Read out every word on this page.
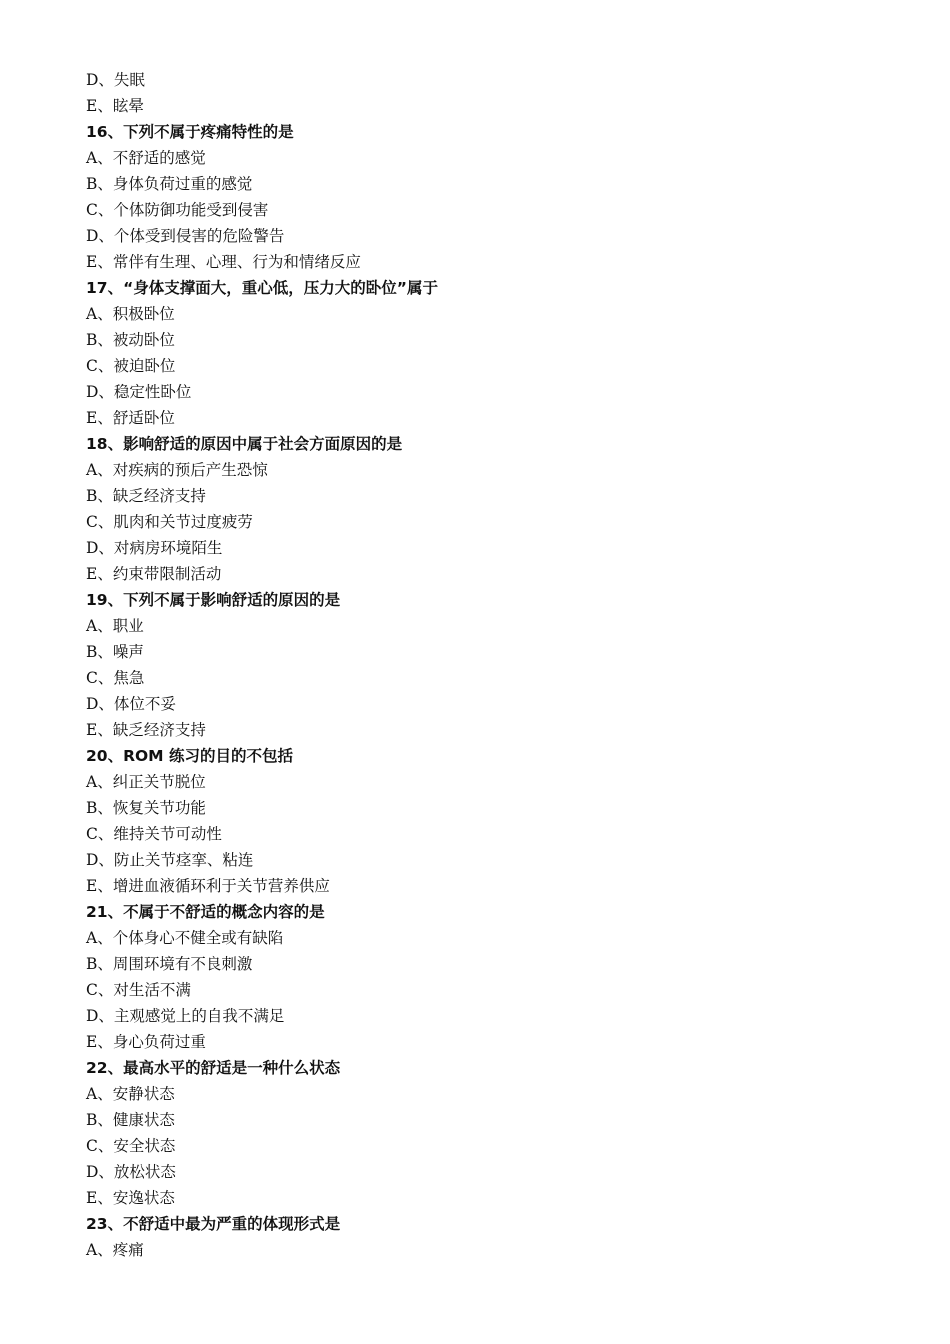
D、失眠
E、眩晕
16、下列不属于疼痛特性的是
A、不舒适的感觉
B、身体负荷过重的感觉
C、个体防御功能受到侵害
D、个体受到侵害的危险警告
E、常伴有生理、心理、行为和情绪反应
17、“身体支撑面大，重心低，压力大的卧位”属于
A、积极卧位
B、被动卧位
C、被迫卧位
D、稳定性卧位
E、舒适卧位
18、影响舒适的原因中属于社会方面原因的是
A、对疾病的预后产生恐惊
B、缺乏经济支持
C、肌肉和关节过度疲劳
D、对病房环境陌生
E、约束带限制活动
19、下列不属于影响舒适的原因的是
A、职业
B、噪声
C、焦急
D、体位不妥
E、缺乏经济支持
20、ROM 练习的目的不包括
A、纠正关节脱位
B、恢复关节功能
C、维持关节可动性
D、防止关节痉挛、粘连
E、增进血液循环利于关节营养供应
21、不属于不舒适的概念内容的是
A、个体身心不健全或有缺陷
B、周围环境有不良刺激
C、对生活不满
D、主观感觉上的自我不满足
E、身心负荷过重
22、最高水平的舒适是一种什么状态
A、安静状态
B、健康状态
C、安全状态
D、放松状态
E、安逸状态
23、不舒适中最为严重的体现形式是
A、疼痛
